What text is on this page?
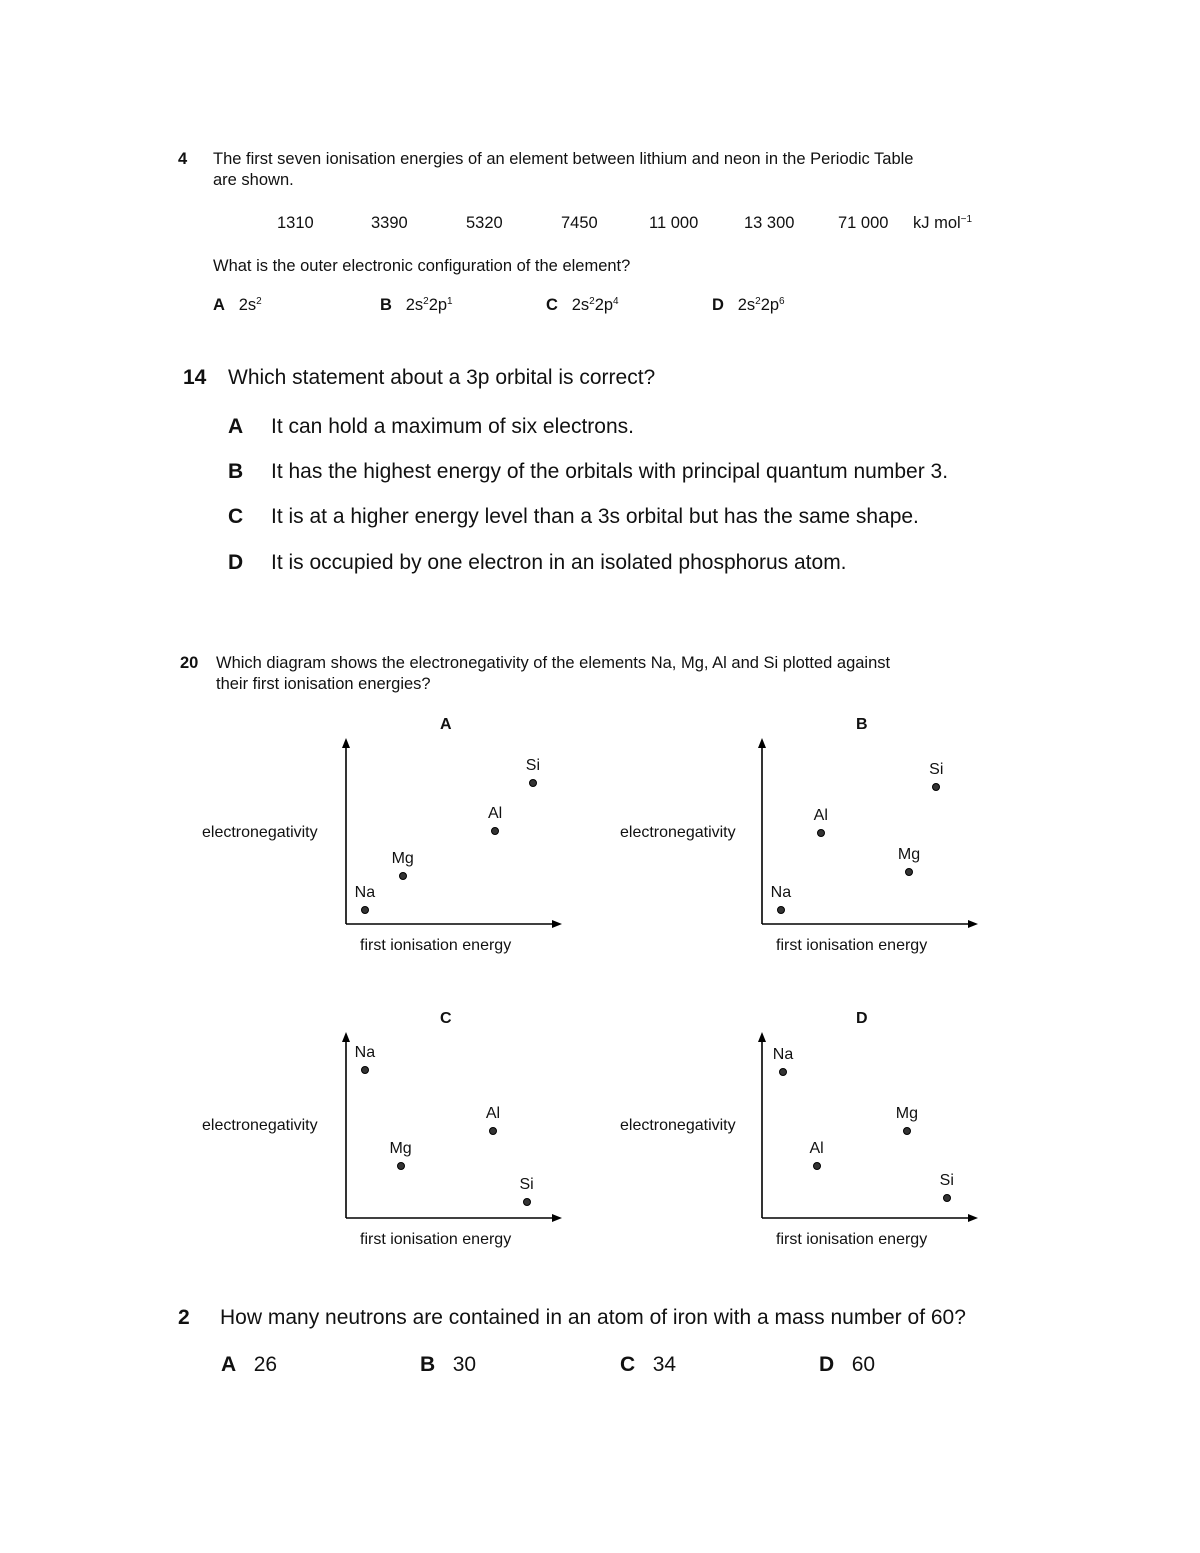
4 The first seven ionisation energies of an element between lithium and neon in the Periodic Table
are shown.
1310	3390	5320	7450	11 000	13 300	71 000 kJ mol$^{-1}$
What is the outer electronic configuration of the element?
A $2s^2$	B $2s^22p^1$	C $2s^22p^4$	D $2s^22p^6$
14 Which statement about a 3p orbital is correct?
A It can hold a maximum of six electrons.
B It has the highest energy of the orbitals with principal quantum number 3.
C It is at a higher energy level than a 3s orbital but has the same shape.
D It is occupied by one electron in an isolated phosphorus atom.
20 Which diagram shows the electronegativity of the elements Na, Mg, Al and Si plotted against
their first ionisation energies?
A
electronegativity
first ionisation energy
Na
Mg
Al
Si
B
electronegativity
first ionisation energy
Na
Al
Mg
Si
C
electronegativity
first ionisation energy
Na
Mg
Al
Si
D
electronegativity
first ionisation energy
Na
Al
Mg
Si
2 How many neutrons are contained in an atom of iron with a mass number of 60?
A 26	B 30	C 34	D 60
